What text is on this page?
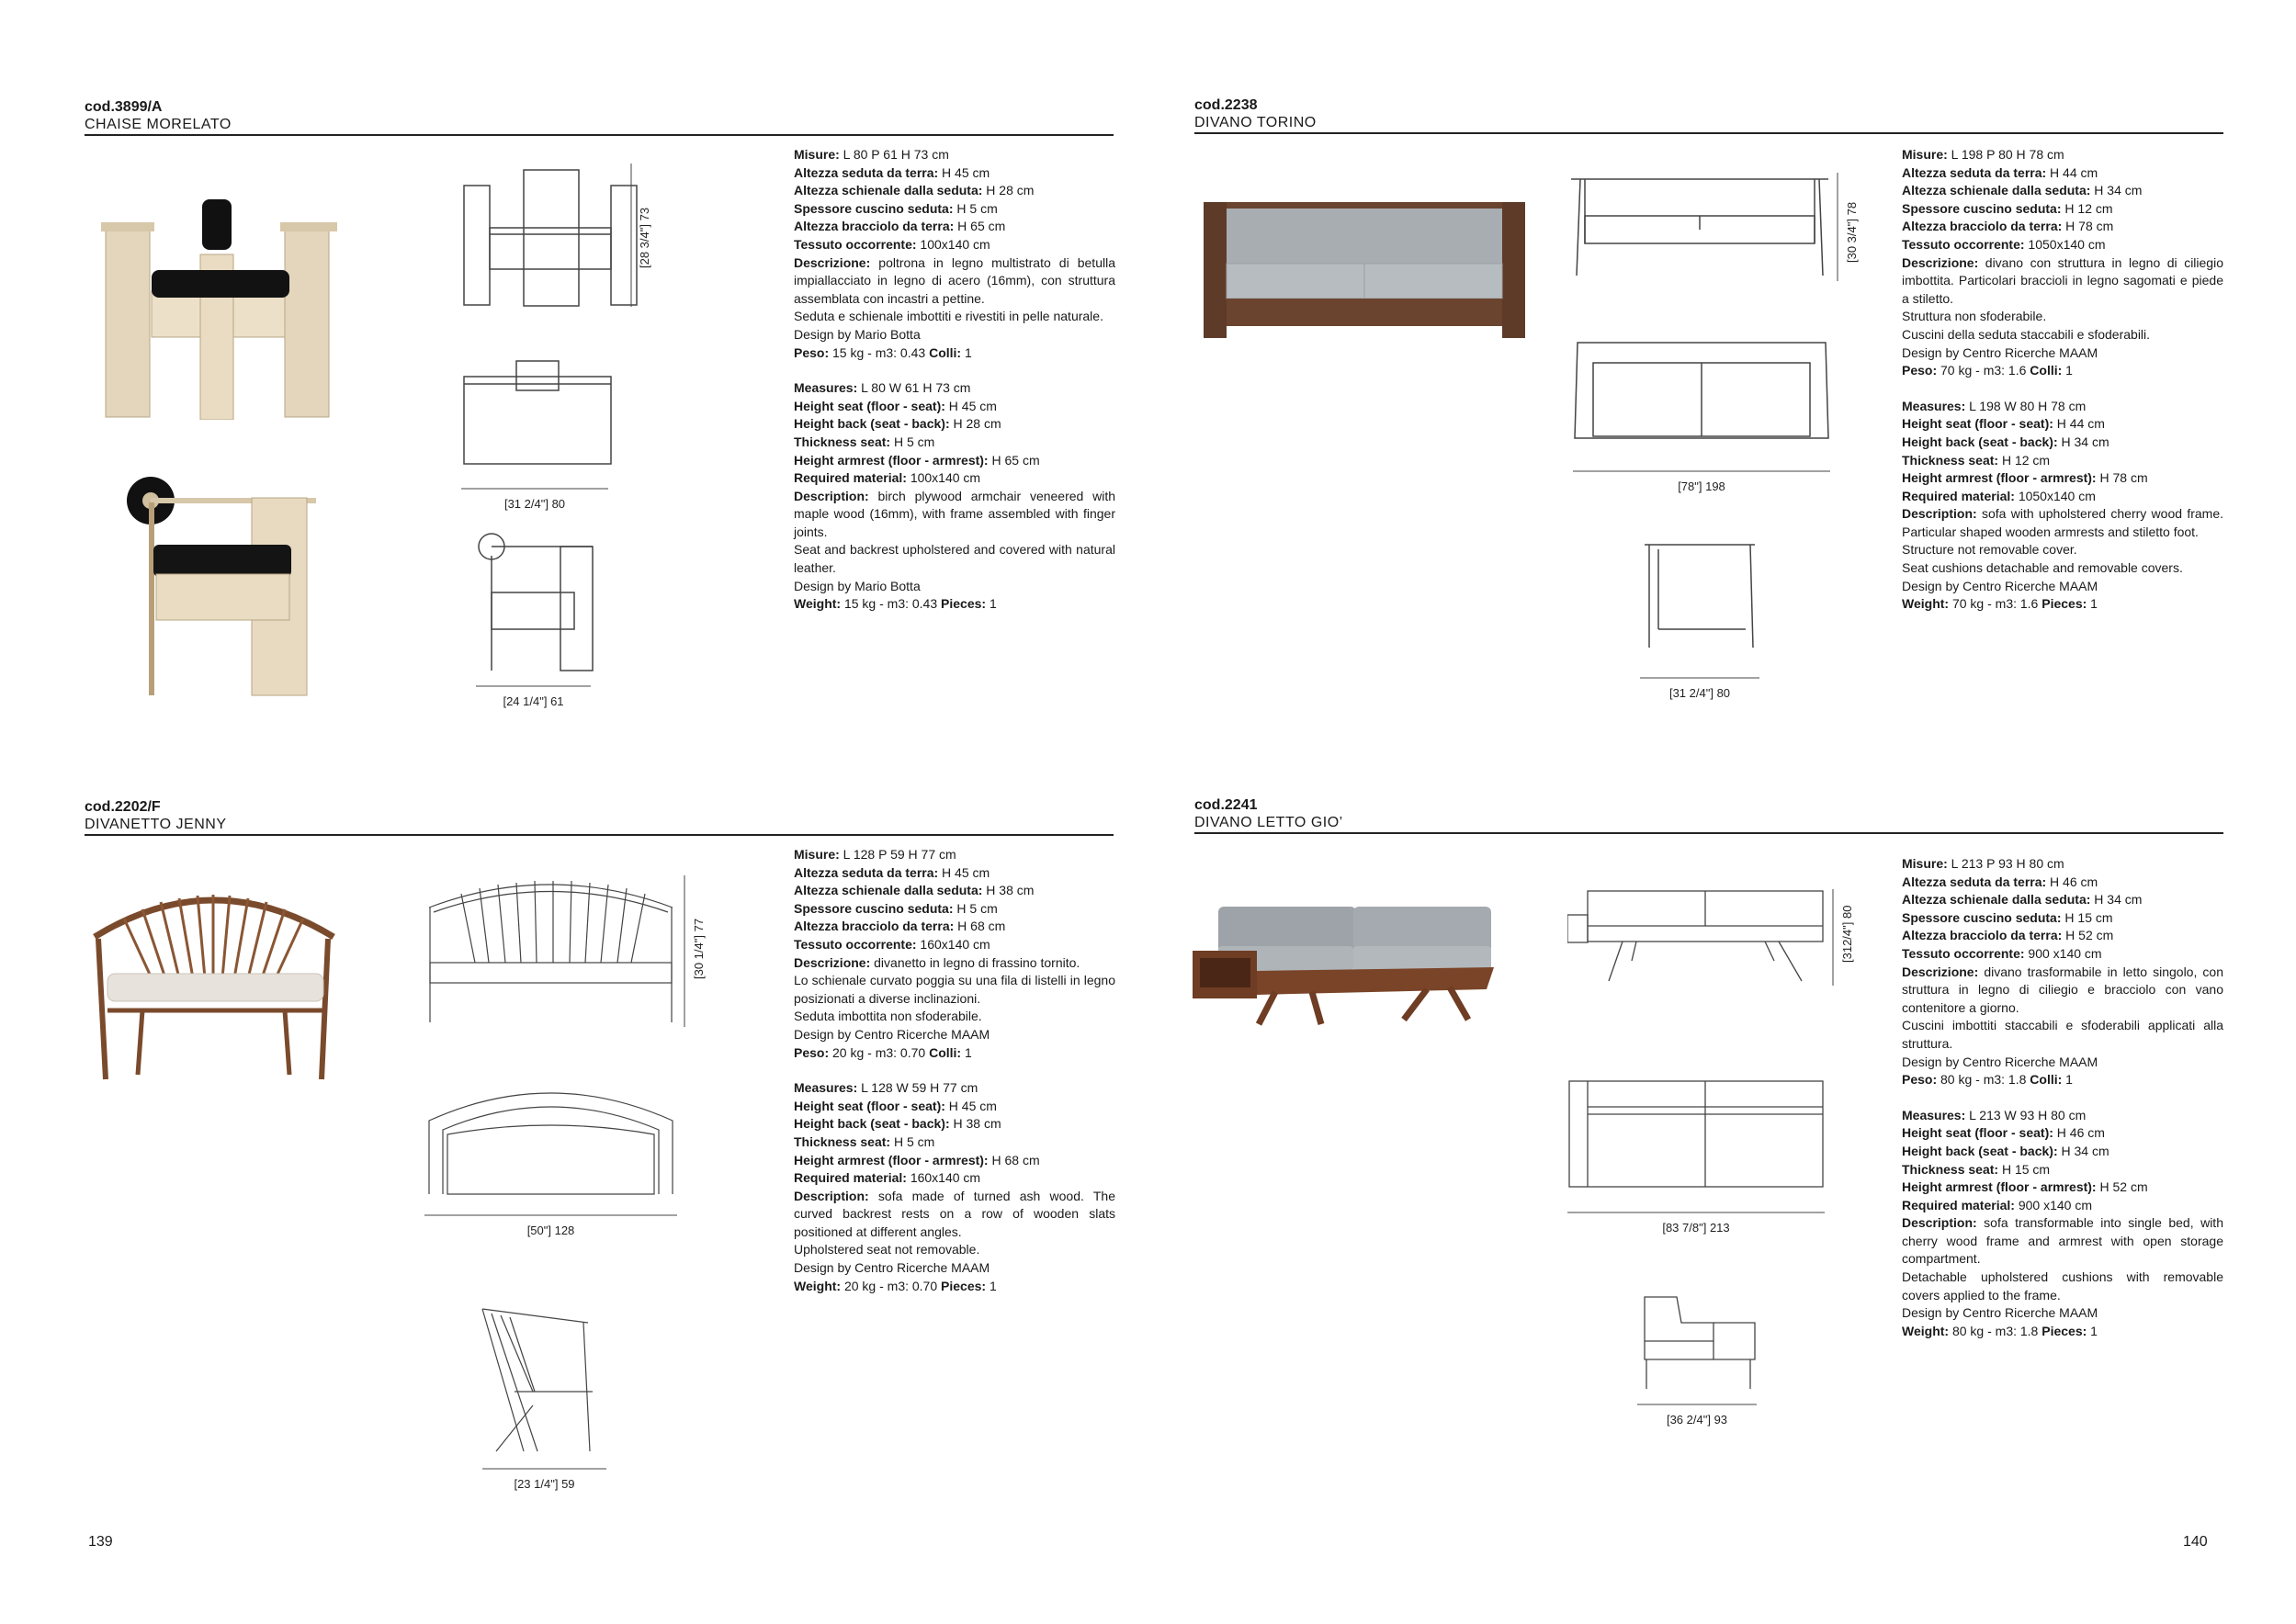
cod.3899/A
CHAISE MORELATO
[28 3/4"] 73
[31 2/4"] 80
[24 1/4"] 61
Misure: L 80 P 61 H 73 cm
Altezza seduta da terra: H 45 cm
Altezza schienale dalla seduta: H 28 cm
Spessore cuscino seduta: H 5 cm
Altezza bracciolo da terra: H 65 cm
Tessuto occorrente: 100x140 cm
Descrizione: poltrona in legno multistrato di betulla impiallacciato in legno di acero (16mm), con struttura assemblata con incastri a pettine.
Seduta e schienale imbottiti e rivestiti in pelle naturale.
Design by Mario Botta
Peso: 15 kg - m3: 0.43 Colli: 1
Measures: L 80 W 61 H 73 cm
Height seat (floor - seat): H 45 cm
Height back (seat - back): H 28 cm
Thickness seat: H 5 cm
Height armrest (floor - armrest): H 65 cm
Required material: 100x140 cm
Description: birch plywood armchair veneered with maple wood (16mm), with frame assembled with finger joints.
Seat and backrest upholstered and covered with natural leather.
Design by Mario Botta
Weight: 15 kg - m3: 0.43 Pieces: 1
cod.2238
DIVANO TORINO
[30 3/4"] 78
[78"] 198
[31 2/4"] 80
Misure: L 198 P 80 H 78 cm
Altezza seduta da terra: H 44 cm
Altezza schienale dalla seduta: H 34 cm
Spessore cuscino seduta: H 12 cm
Altezza bracciolo da terra: H 78 cm
Tessuto occorrente: 1050x140 cm
Descrizione: divano con struttura in legno di ciliegio imbottita. Particolari braccioli in legno sagomati e piede a stiletto.
Struttura non sfoderabile.
Cuscini della seduta staccabili e sfoderabili.
Design by Centro Ricerche MAAM
Peso: 70 kg - m3: 1.6 Colli: 1
Measures: L 198 W 80 H 78 cm
Height seat (floor - seat): H 44 cm
Height back (seat - back): H 34 cm
Thickness seat: H 12 cm
Height armrest (floor - armrest): H 78 cm
Required material: 1050x140 cm
Description: sofa with upholstered cherry wood frame. Particular shaped wooden armrests and stiletto foot.
Structure not removable cover.
Seat cushions detachable and removable covers.
Design by Centro Ricerche MAAM
Weight: 70 kg - m3: 1.6 Pieces: 1
cod.2202/F
DIVANETTO JENNY
[30 1/4"] 77
[50"] 128
[23 1/4"] 59
Misure: L 128 P 59 H 77 cm
Altezza seduta da terra: H 45 cm
Altezza schienale dalla seduta: H 38 cm
Spessore cuscino seduta: H 5 cm
Altezza bracciolo da terra: H 68 cm
Tessuto occorrente: 160x140 cm
Descrizione: divanetto in legno di frassino tornito.
Lo schienale curvato poggia su una fila di listelli in legno posizionati a diverse inclinazioni.
Seduta imbottita non sfoderabile.
Design by Centro Ricerche MAAM
Peso: 20 kg - m3: 0.70 Colli: 1
Measures: L 128 W 59 H 77 cm
Height seat (floor - seat): H 45 cm
Height back (seat - back): H 38 cm
Thickness seat: H 5 cm
Height armrest (floor - armrest): H 68 cm
Required material: 160x140 cm
Description: sofa made of turned ash wood. The curved backrest rests on a row of wooden slats positioned at different angles.
Upholstered seat not removable.
Design by Centro Ricerche MAAM
Weight: 20 kg - m3: 0.70 Pieces: 1
cod.2241
DIVANO LETTO GIO’
[312/4"] 80
[83 7/8"] 213
[36 2/4"] 93
Misure: L 213 P 93 H 80 cm
Altezza seduta da terra: H 46 cm
Altezza schienale dalla seduta: H 34 cm
Spessore cuscino seduta: H 15 cm
Altezza bracciolo da terra: H 52 cm
Tessuto occorrente: 900 x140 cm
Descrizione: divano trasformabile in letto singolo, con struttura in legno di ciliegio e bracciolo con vano contenitore a giorno.
Cuscini imbottiti staccabili e sfoderabili applicati alla struttura.
Design by Centro Ricerche MAAM
Peso: 80 kg - m3: 1.8 Colli: 1
Measures: L 213 W 93 H 80 cm
Height seat (floor - seat): H 46 cm
Height back (seat - back): H 34 cm
Thickness seat: H 15 cm
Height armrest (floor - armrest): H 52 cm
Required material: 900 x140 cm
Description: sofa transformable into single bed, with cherry wood frame and armrest with open storage compartment.
Detachable upholstered cushions with removable covers applied to the frame.
Design by Centro Ricerche MAAM
Weight: 80 kg - m3: 1.8 Pieces: 1
139	140
